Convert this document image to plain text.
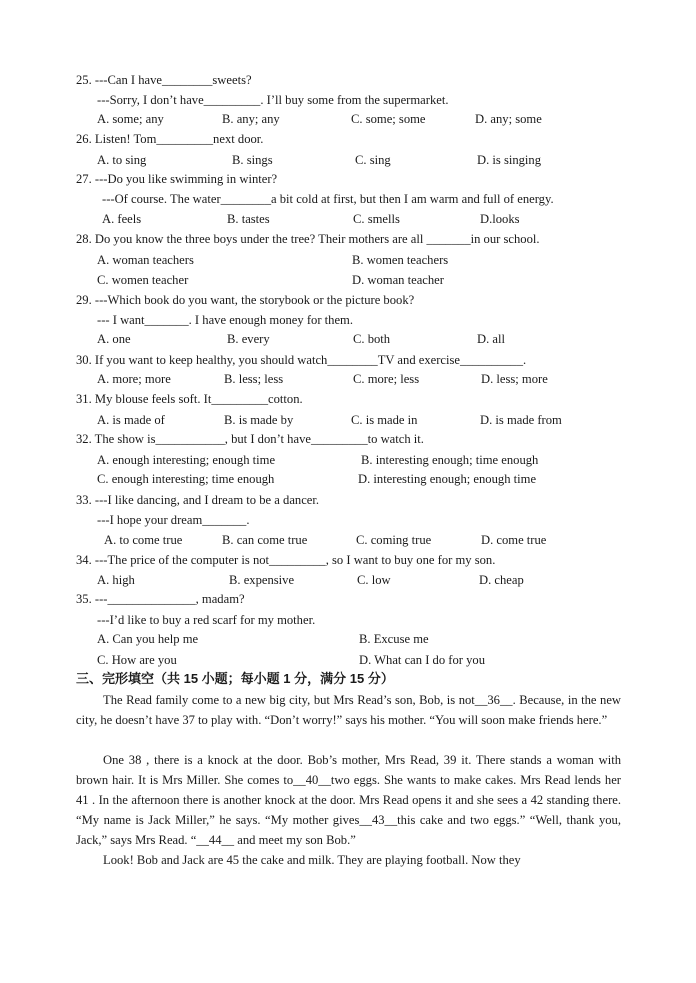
25. ---Can I have________sweets?
---Sorry, I don’t have_________. I’ll buy some from the supermarket.
A. some; any	B. any; any	C. some; some	D. any; some
26. Listen! Tom_________next door.
A. to sing	B. sings	C. sing	D. is singing
27. ---Do you like swimming in winter?
---Of course. The water________a bit cold at first, but then I am warm and full of energy.
A. feels	B. tastes	C. smells	D.looks
28. Do you know the three boys under the tree? Their mothers are all _______in our school.
A. woman teachers	B. women teachers
C. women teacher	D. woman teacher
29. ---Which book do you want, the storybook or the picture book?
--- I want_______. I have enough money for them.
A. one	B. every	C. both	D. all
30. If you want to keep healthy, you should watch________TV and exercise__________.
A. more; more	B. less; less	C. more; less	D. less; more
31. My blouse feels soft. It_________cotton.
A. is made of	B. is made by	C. is made in	D. is made from
32. The show is___________, but I don’t have_________to watch it.
A. enough interesting; enough time	B. interesting enough; time enough
C. enough interesting; time enough	D. interesting enough; enough time
33. ---I like dancing, and I dream to be a dancer.
---I hope your dream_______.
A. to come true	B. can come true	C. coming true	D. come true
34. ---The price of the computer is not_________, so I want to buy one for my son.
A. high	B. expensive	C. low	D. cheap
35. ---______________, madam?
---I’d like to buy a red scarf for my mother.
A. Can you help me	B. Excuse me
C. How are you	D. What can I do for you
三、完形填空（共 15 小题；每小题 1 分，满分 15 分）
The Read family come to a new big city, but Mrs Read’s son, Bob, is not__36__. Because, in the new city, he doesn’t have 37 to play with. “Don’t worry!” says his mother. “You will soon make friends here.”
One 38 , there is a knock at the door. Bob’s mother, Mrs Read, 39 it. There stands a woman with brown hair. It is Mrs Miller. She comes to__40__two eggs. She wants to make cakes. Mrs Read lends her 41 . In the afternoon there is another knock at the door. Mrs Read opens it and she sees a 42 standing there. “My name is Jack Miller,” he says. “My mother gives__43__this cake and two eggs.” “Well, thank you, Jack,” says Mrs Read. “__44__ and meet my son Bob.”
Look! Bob and Jack are 45 the cake and milk. They are playing football. Now they
